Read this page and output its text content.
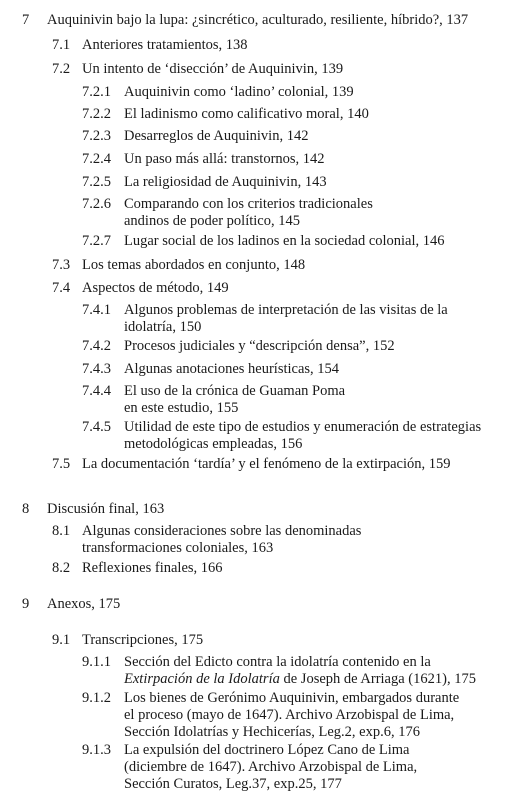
7	Auquinivin bajo la lupa: ¿sincrético, aculturado, resiliente, híbrido?, 137
7.1 Anteriores tratamientos, 138
7.2 Un intento de ‘disección’ de Auquinivin, 139
7.2.1 Auquinivin como ‘ladino’ colonial, 139
7.2.2 El ladinismo como calificativo moral, 140
7.2.3 Desarreglos de Auquinivin, 142
7.2.4 Un paso más allá: transtornos, 142
7.2.5 La religiosidad de Auquinivin, 143
7.2.6 Comparando con los criterios tradicionales andinos de poder político, 145
7.2.7 Lugar social de los ladinos en la sociedad colonial, 146
7.3 Los temas abordados en conjunto, 148
7.4 Aspectos de método, 149
7.4.1 Algunos problemas de interpretación de las visitas de la idolatría, 150
7.4.2 Procesos judiciales y “descripción densa”, 152
7.4.3 Algunas anotaciones heurísticas, 154
7.4.4 El uso de la crónica de Guaman Poma en este estudio, 155
7.4.5 Utilidad de este tipo de estudios y enumeración de estrategias metodológicas empleadas, 156
7.5 La documentación ‘tardía’ y el fenómeno de la extirpación, 159
8	Discusión final, 163
8.1 Algunas consideraciones sobre las denominadas transformaciones coloniales, 163
8.2 Reflexiones finales, 166
9	Anexos, 175
9.1 Transcripciones, 175
9.1.1 Sección del Edicto contra la idolatría contenido en la Extirpación de la Idolatría de Joseph de Arriaga (1621), 175
9.1.2 Los bienes de Gerónimo Auquinivin, embargados durante el proceso (mayo de 1647). Archivo Arzobispal de Lima, Sección Idolatrías y Hechicerías, Leg.2, exp.6, 176
9.1.3 La expulsión del doctrinero López Cano de Lima (diciembre de 1647). Archivo Arzobispal de Lima, Sección Curatos, Leg.37, exp.25, 177
